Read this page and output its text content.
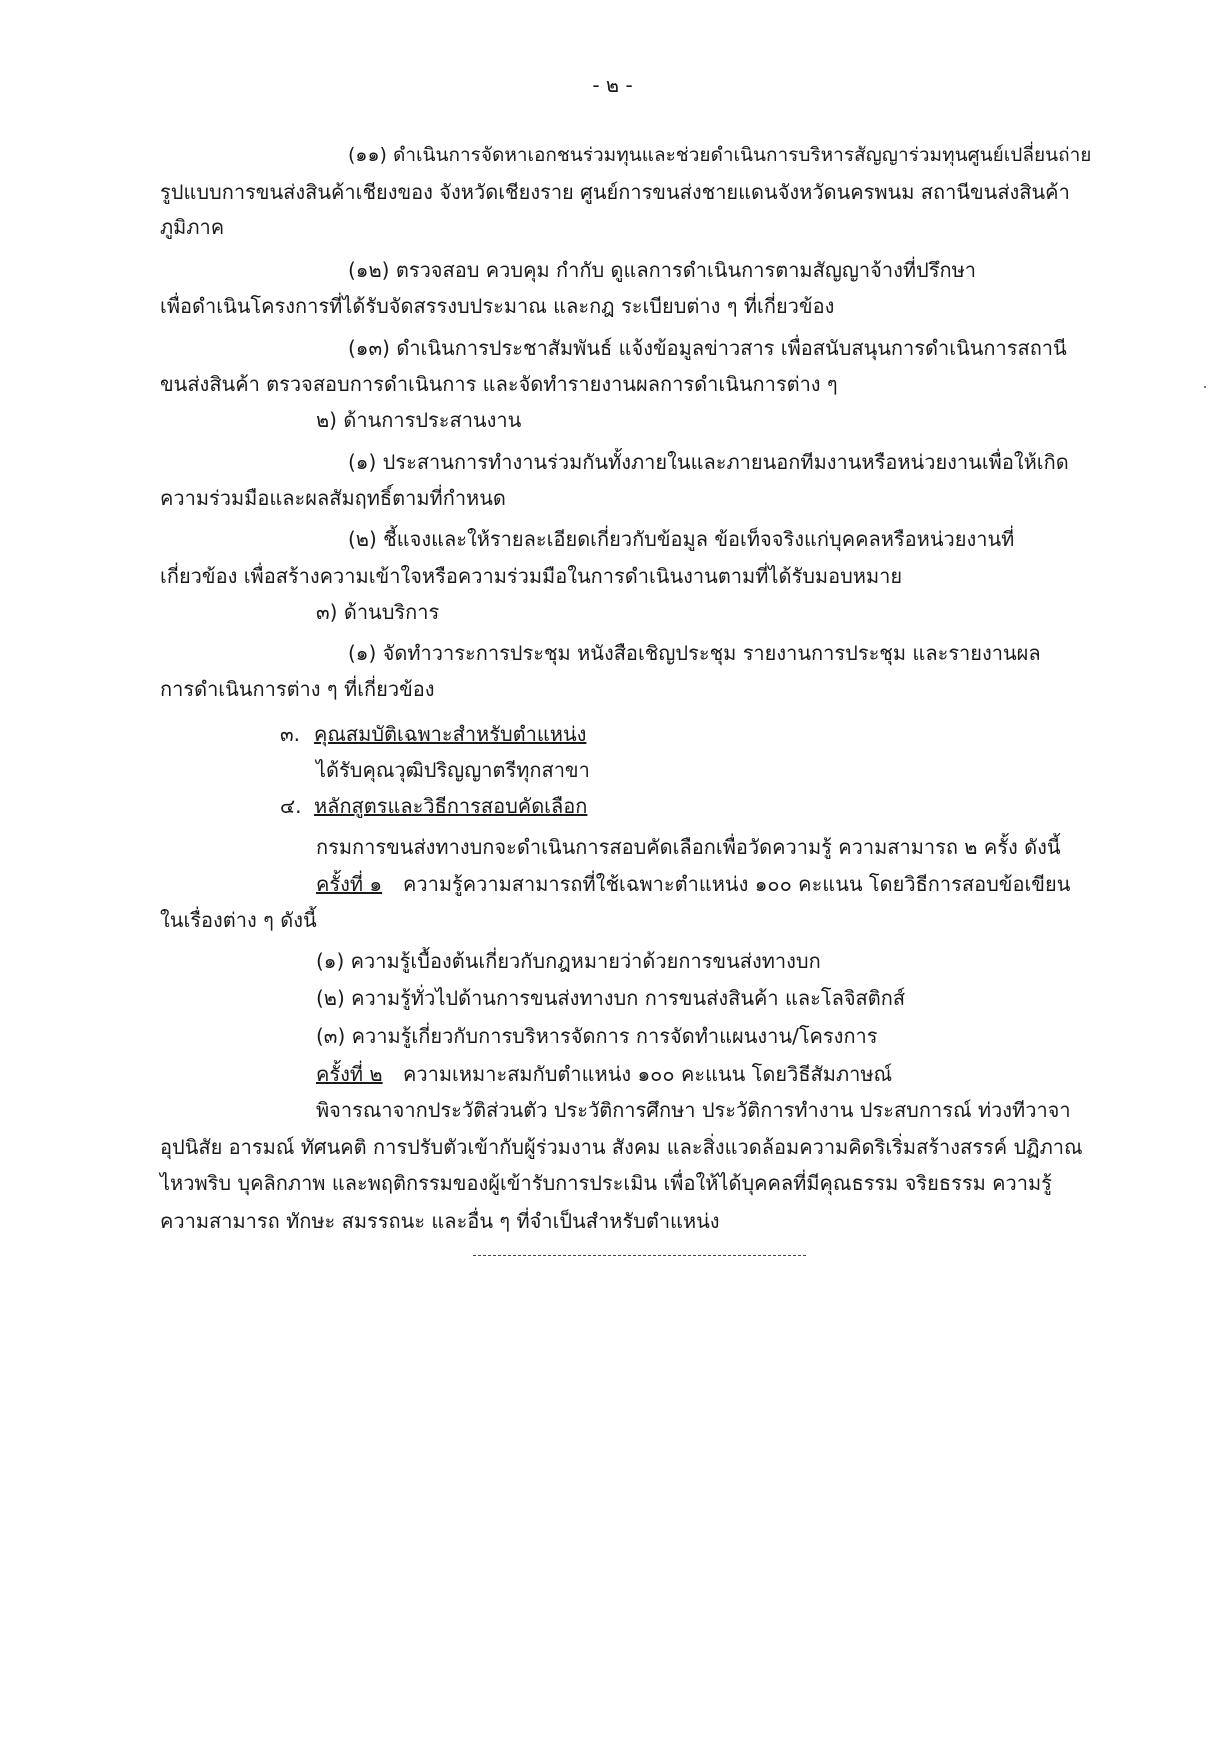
- ๒ -
(๑๑) ดำเนินการจัดหาเอกชนร่วมทุนและช่วยดำเนินการบริหารสัญญาร่วมทุนศูนย์เปลี่ยนถ่าย
รูปแบบการขนส่งสินค้าเชียงของ จังหวัดเชียงราย ศูนย์การขนส่งชายแดนจังหวัดนครพนม สถานีขนส่งสินค้า
ภูมิภาค
(๑๒) ตรวจสอบ ควบคุม กำกับ ดูแลการดำเนินการตามสัญญาจ้างที่ปรึกษา
เพื่อดำเนินโครงการที่ได้รับจัดสรรงบประมาณ และกฎ ระเบียบต่าง ๆ ที่เกี่ยวข้อง
(๑๓) ดำเนินการประชาสัมพันธ์ แจ้งข้อมูลข่าวสาร เพื่อสนับสนุนการดำเนินการสถานี
ขนส่งสินค้า ตรวจสอบการดำเนินการ และจัดทำรายงานผลการดำเนินการต่าง ๆ
๒) ด้านการประสานงาน
(๑) ประสานการทำงานร่วมกันทั้งภายในและภายนอกทีมงานหรือหน่วยงานเพื่อให้เกิด
ความร่วมมือและผลสัมฤทธิ์ตามที่กำหนด
(๒) ชี้แจงและให้รายละเอียดเกี่ยวกับข้อมูล ข้อเท็จจริงแก่บุคคลหรือหน่วยงานที่
เกี่ยวข้อง เพื่อสร้างความเข้าใจหรือความร่วมมือในการดำเนินงานตามที่ได้รับมอบหมาย
๓) ด้านบริการ
(๑) จัดทำวาระการประชุม หนังสือเชิญประชุม รายงานการประชุม และรายงานผล
การดำเนินการต่าง ๆ ที่เกี่ยวข้อง
๓. คุณสมบัติเฉพาะสำหรับตำแหน่ง
ได้รับคุณวุฒิปริญญาตรีทุกสาขา
๔. หลักสูตรและวิธีการสอบคัดเลือก
กรมการขนส่งทางบกจะดำเนินการสอบคัดเลือกเพื่อวัดความรู้ ความสามารถ ๒ ครั้ง ดังนี้
ครั้งที่ ๑ ความรู้ความสามารถที่ใช้เฉพาะตำแหน่ง ๑๐๐ คะแนน โดยวิธีการสอบข้อเขียน
ในเรื่องต่าง ๆ ดังนี้
(๑) ความรู้เบื้องต้นเกี่ยวกับกฎหมายว่าด้วยการขนส่งทางบก
(๒) ความรู้ทั่วไปด้านการขนส่งทางบก การขนส่งสินค้า และโลจิสติกส์
(๓) ความรู้เกี่ยวกับการบริหารจัดการ การจัดทำแผนงาน/โครงการ
ครั้งที่ ๒ ความเหมาะสมกับตำแหน่ง ๑๐๐ คะแนน โดยวิธีสัมภาษณ์
พิจารณาจากประวัติส่วนตัว ประวัติการศึกษา ประวัติการทำงาน ประสบการณ์ ท่วงทีวาจา
อุปนิสัย อารมณ์ ทัศนคติ การปรับตัวเข้ากับผู้ร่วมงาน สังคม และสิ่งแวดล้อมความคิดริเริ่มสร้างสรรค์ ปฏิภาณ
ไหวพริบ บุคลิกภาพ และพฤติกรรมของผู้เข้ารับการประเมิน เพื่อให้ได้บุคคลที่มีคุณธรรม จริยธรรม ความรู้
ความสามารถ ทักษะ สมรรถนะ และอื่น ๆ ที่จำเป็นสำหรับตำแหน่ง
